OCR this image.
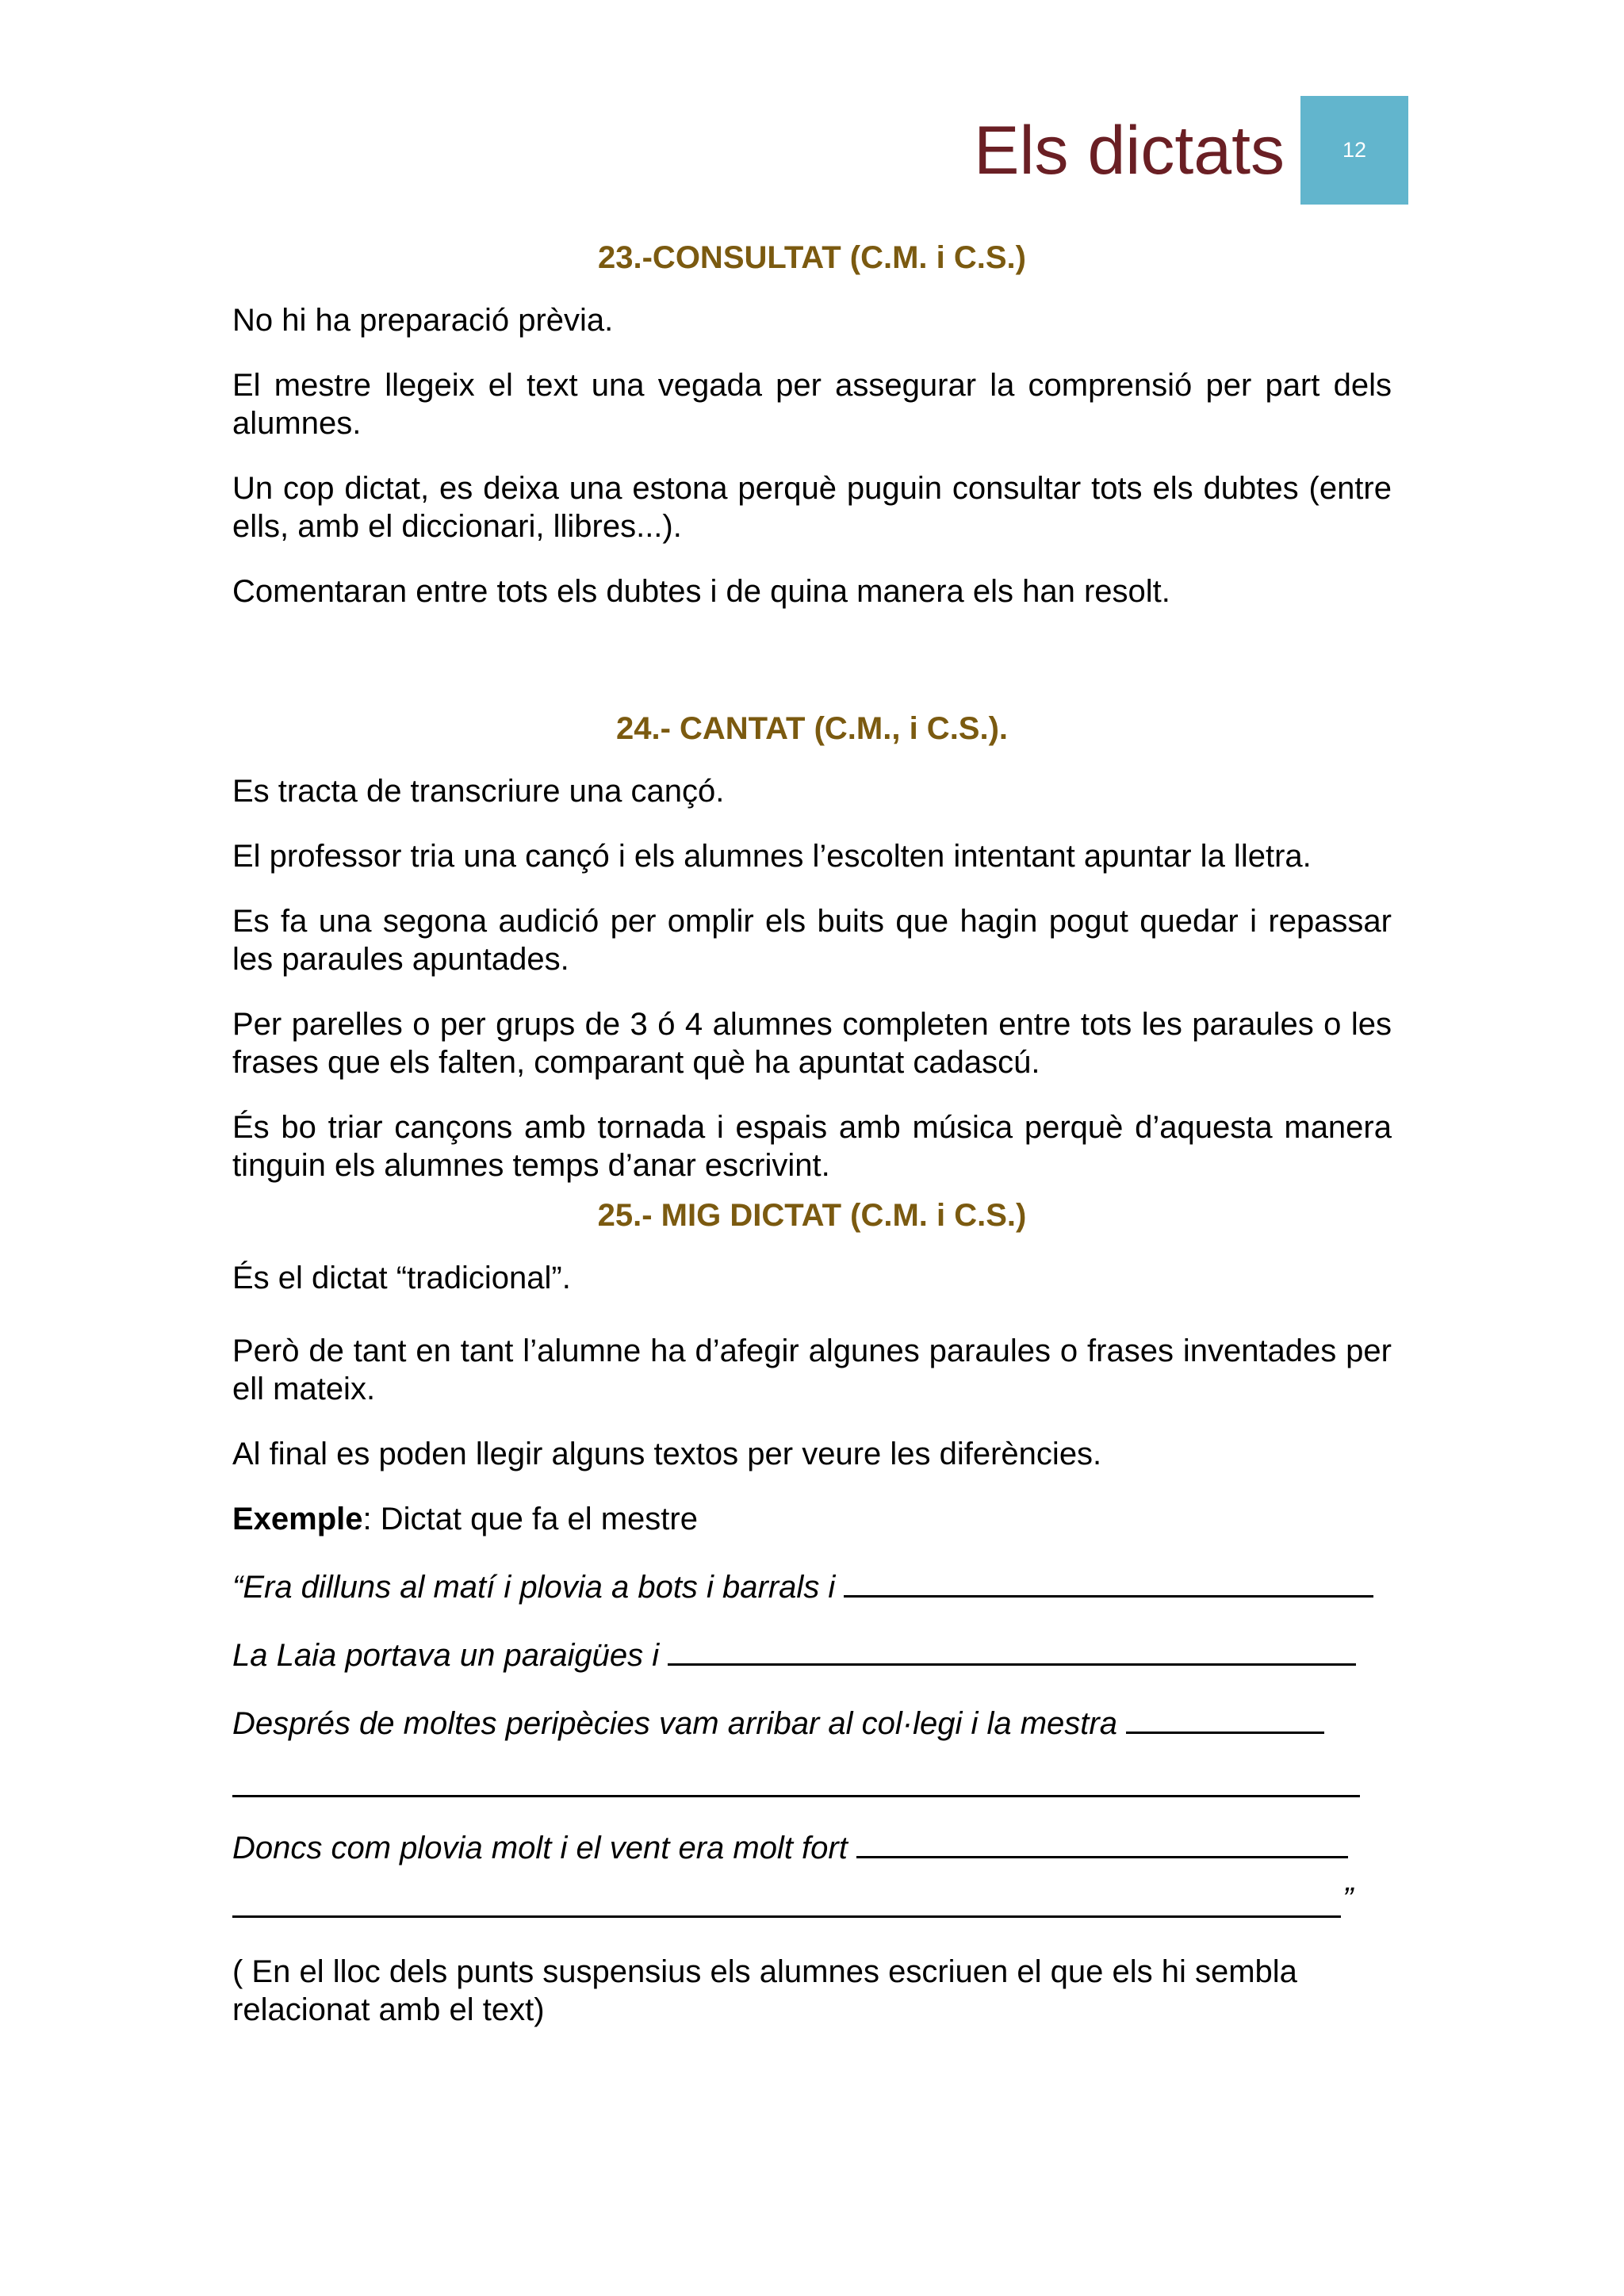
Els dictats	12
23.-CONSULTAT (C.M. i C.S.)

No hi ha preparació prèvia.

El mestre llegeix el text una vegada per assegurar la comprensió per part dels alumnes.

Un cop dictat, es deixa una estona perquè puguin consultar tots els dubtes (entre ells, amb el diccionari, llibres...).

Comentaran entre tots els dubtes i de quina manera els han resolt.

24.- CANTAT (C.M., i C.S.).

Es tracta de transcriure una cançó.

El professor tria una cançó i els alumnes l’escolten intentant apuntar la lletra.

Es fa una segona audició per omplir els buits que hagin pogut quedar i repassar les paraules apuntades.

Per parelles o per grups de 3 ó 4 alumnes completen entre tots les paraules o les frases que els falten, comparant què ha apuntat cadascú.

És bo triar cançons amb tornada i espais amb música perquè d’aquesta manera tinguin els alumnes temps d’anar escrivint.

25.- MIG DICTAT (C.M. i C.S.)

És el dictat “tradicional”.

Però de tant en tant l’alumne ha d’afegir algunes paraules o frases inventades per ell mateix.

Al final es poden llegir alguns textos per veure les diferències.

Exemple: Dictat que fa el mestre

“Era dilluns al matí i plovia a bots i barrals i
La Laia portava un paraigües i
Després de moltes peripècies vam arribar al col·legi i la mestra
Doncs com plovia molt i el vent era molt fort
”

( En el lloc dels punts suspensius els alumnes escriuen el que els hi sembla relacionat amb el text)
